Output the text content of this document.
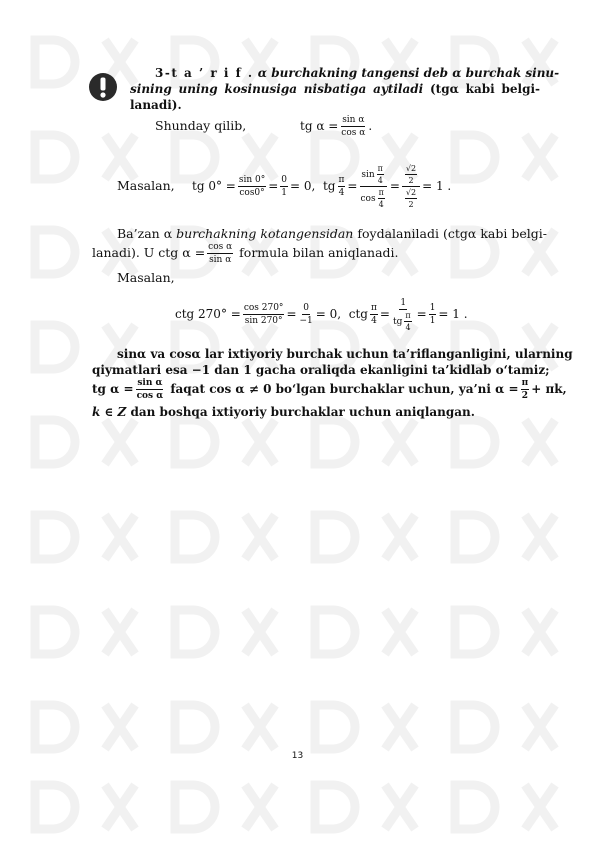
3-t a ’ r i f . α burchakning tangensi deb α burchak sinu-
sining uning kosinusiga nisbatiga aytiladi (tgα kabi belgi-
lanadi).
Shunday qilib,	tg $\alpha = \frac{\text{sin α}}{\text{cos α}}$ .
Masalan, tg $0^\circ = \frac{\sin 0^\circ}{\cos 0^\circ} = \frac{0}{1} = 0$, tg $\frac{\pi}{4} = \frac{\sin \frac{\pi}{4}}{\cos \frac{\pi}{4}} = \frac{\frac{√2}{2}}{\frac{√2}{2}} = 1$ .
Ba’zan α burchakning kotangensidan foydalaniladi (ctgα kabi belgi-
lanadi). U ctg $\alpha = \frac{\text{cos α}}{\text{sin α}}$ formula bilan aniqlanadi.
Masalan,
ctg $270^\circ = \frac{\cos 270^\circ}{\sin 270^\circ} = \frac{0}{-1} = 0$, ctg $\frac{\pi}{4} = \frac{1}{tg \frac{\pi}{4}} = \frac{1}{1} = 1$ .
sinα va cosα lar ixtiyoriy burchak uchun ta’riflanganligini, ularning
qiymatlari esa −1 dan 1 gacha oraliqda ekanligini ta’kidlab o‘tamiz;
tg $\alpha = \frac{\text{sin α}}{\text{cos α}}$ faqat cos α ≠ 0 bo‘lgan burchaklar uchun, ya’ni $\alpha = \frac{\pi}{2} + \pi k$,
k ∈ Z dan boshqa ixtiyoriy burchaklar uchun aniqlangan.
13
